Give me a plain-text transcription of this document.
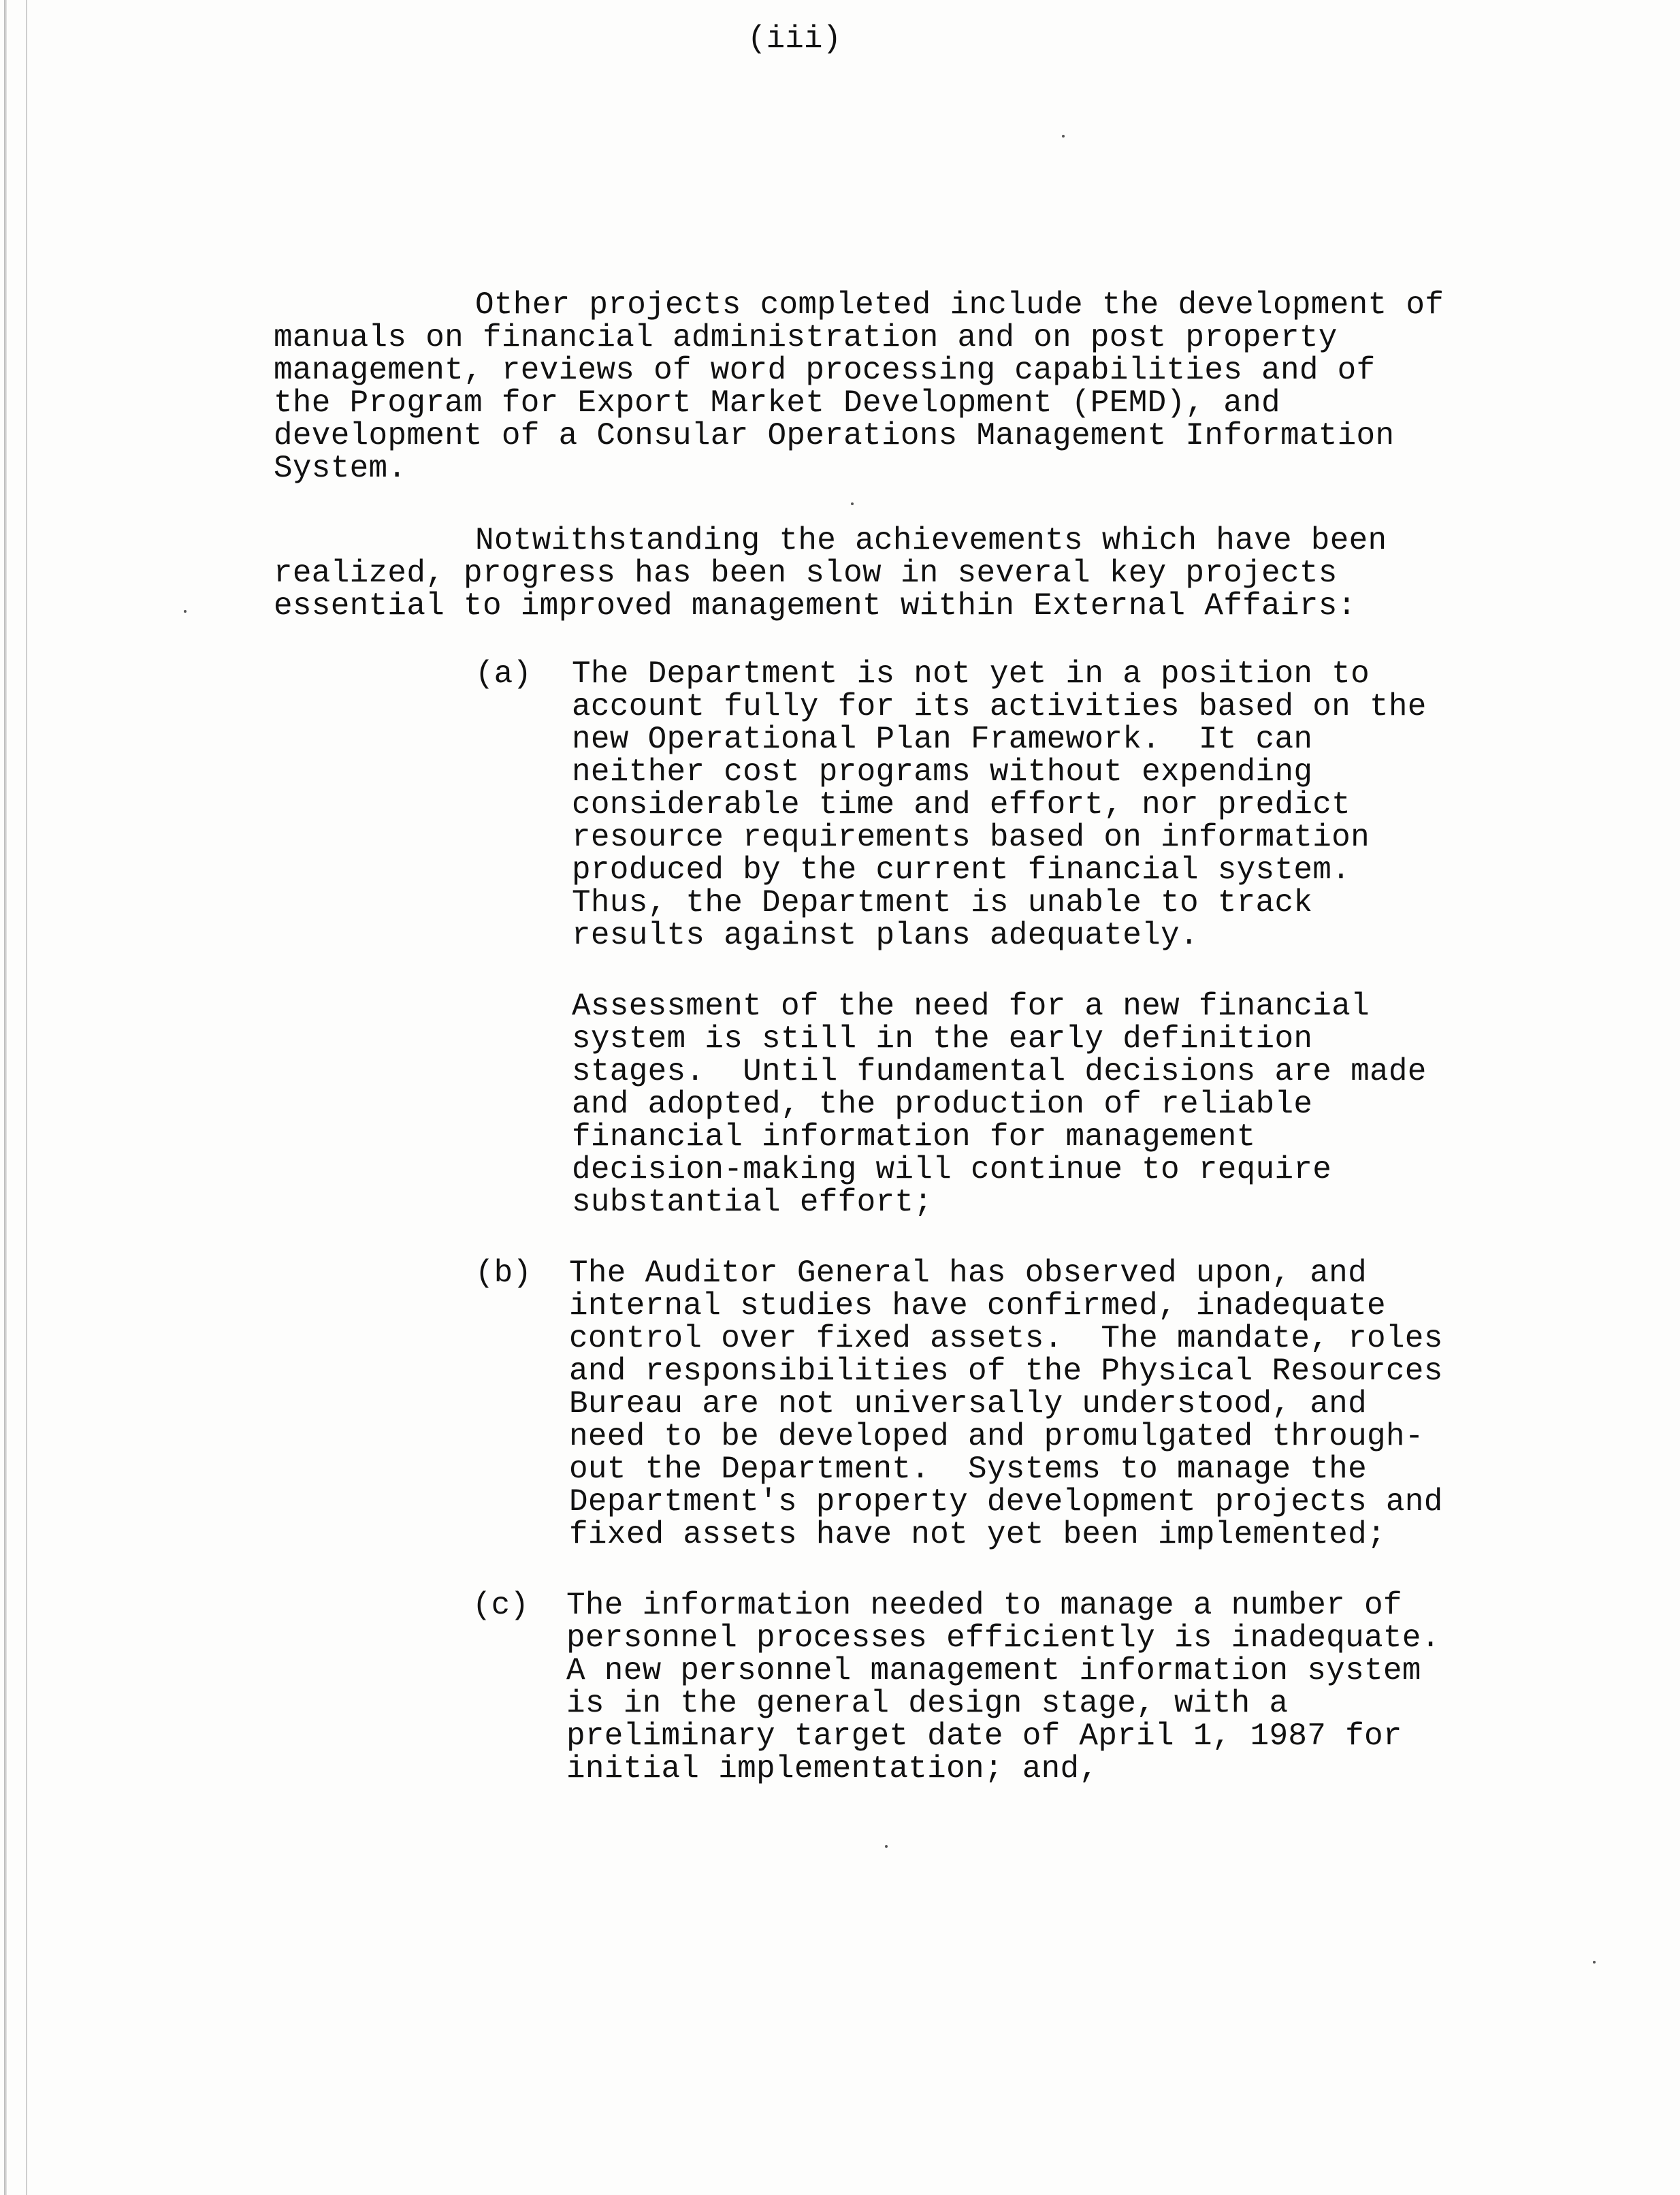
(iii)
Other projects completed include the development of
manuals on financial administration and on post property
management, reviews of word processing capabilities and of
the Program for Export Market Development (PEMD), and
development of a Consular Operations Management Information
System.
Notwithstanding the achievements which have been
realized, progress has been slow in several key projects
essential to improved management within External Affairs:
(a) The Department is not yet in a position to
account fully for its activities based on the
new Operational Plan Framework.  It can
neither cost programs without expending
considerable time and effort, nor predict
resource requirements based on information
produced by the current financial system.
Thus, the Department is unable to track
results against plans adequately.
Assessment of the need for a new financial
system is still in the early definition
stages.  Until fundamental decisions are made
and adopted, the production of reliable
financial information for management
decision-making will continue to require
substantial effort;
(b) The Auditor General has observed upon, and
internal studies have confirmed, inadequate
control over fixed assets.  The mandate, roles
and responsibilities of the Physical Resources
Bureau are not universally understood, and
need to be developed and promulgated through-
out the Department.  Systems to manage the
Department's property development projects and
fixed assets have not yet been implemented;
(c) The information needed to manage a number of
personnel processes efficiently is inadequate.
A new personnel management information system
is in the general design stage, with a
preliminary target date of April 1, 1987 for
initial implementation; and,
